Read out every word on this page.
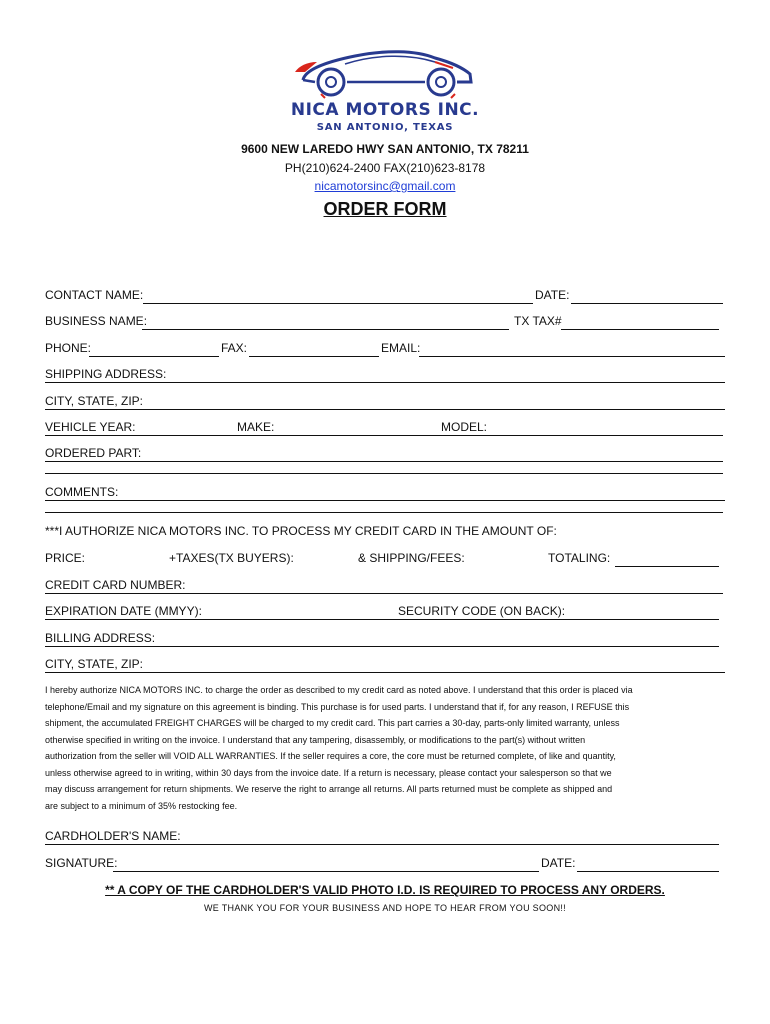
NICA MOTORS INC.
SAN ANTONIO, TEXAS
9600 NEW LAREDO HWY SAN ANTONIO, TX 78211
PH(210)624-2400 FAX(210)623-8178
nicamotorsinc@gmail.com
ORDER FORM
CONTACT NAME:	DATE:
BUSINESS NAME:	TX TAX#
PHONE:	FAX:	EMAIL:
SHIPPING ADDRESS:
CITY, STATE, ZIP:
VEHICLE YEAR:	MAKE:	MODEL:
ORDERED PART:
COMMENTS:
***I AUTHORIZE NICA MOTORS INC. TO PROCESS MY CREDIT CARD IN THE AMOUNT OF:
PRICE:	+TAXES(TX BUYERS):	& SHIPPING/FEES:	TOTALING:
CREDIT CARD NUMBER:
EXPIRATION DATE (MMYY):	SECURITY CODE (ON BACK):
BILLING ADDRESS:
CITY, STATE, ZIP:
I hereby authorize NICA MOTORS INC. to charge the order as described to my credit card as noted above. I understand that this order is placed via
telephone/Email and my signature on this agreement is binding. This purchase is for used parts. I understand that if, for any reason, I REFUSE this
shipment, the accumulated FREIGHT CHARGES will be charged to my credit card. This part carries a 30-day, parts-only limited warranty, unless
otherwise specified in writing on the invoice. I understand that any tampering, disassembly, or modifications to the part(s) without written
authorization from the seller will VOID ALL WARRANTIES. If the seller requires a core, the core must be returned complete, of like and quantity,
unless otherwise agreed to in writing, within 30 days from the invoice date. If a return is necessary, please contact your salesperson so that we
may discuss arrangement for return shipments. We reserve the right to arrange all returns. All parts returned must be complete as shipped and
are subject to a minimum of 35% restocking fee.
CARDHOLDER'S NAME:
SIGNATURE:	DATE:
** A COPY OF THE CARDHOLDER'S VALID PHOTO I.D. IS REQUIRED TO PROCESS ANY ORDERS.
WE THANK YOU FOR YOUR BUSINESS AND HOPE TO HEAR FROM YOU SOON!!
